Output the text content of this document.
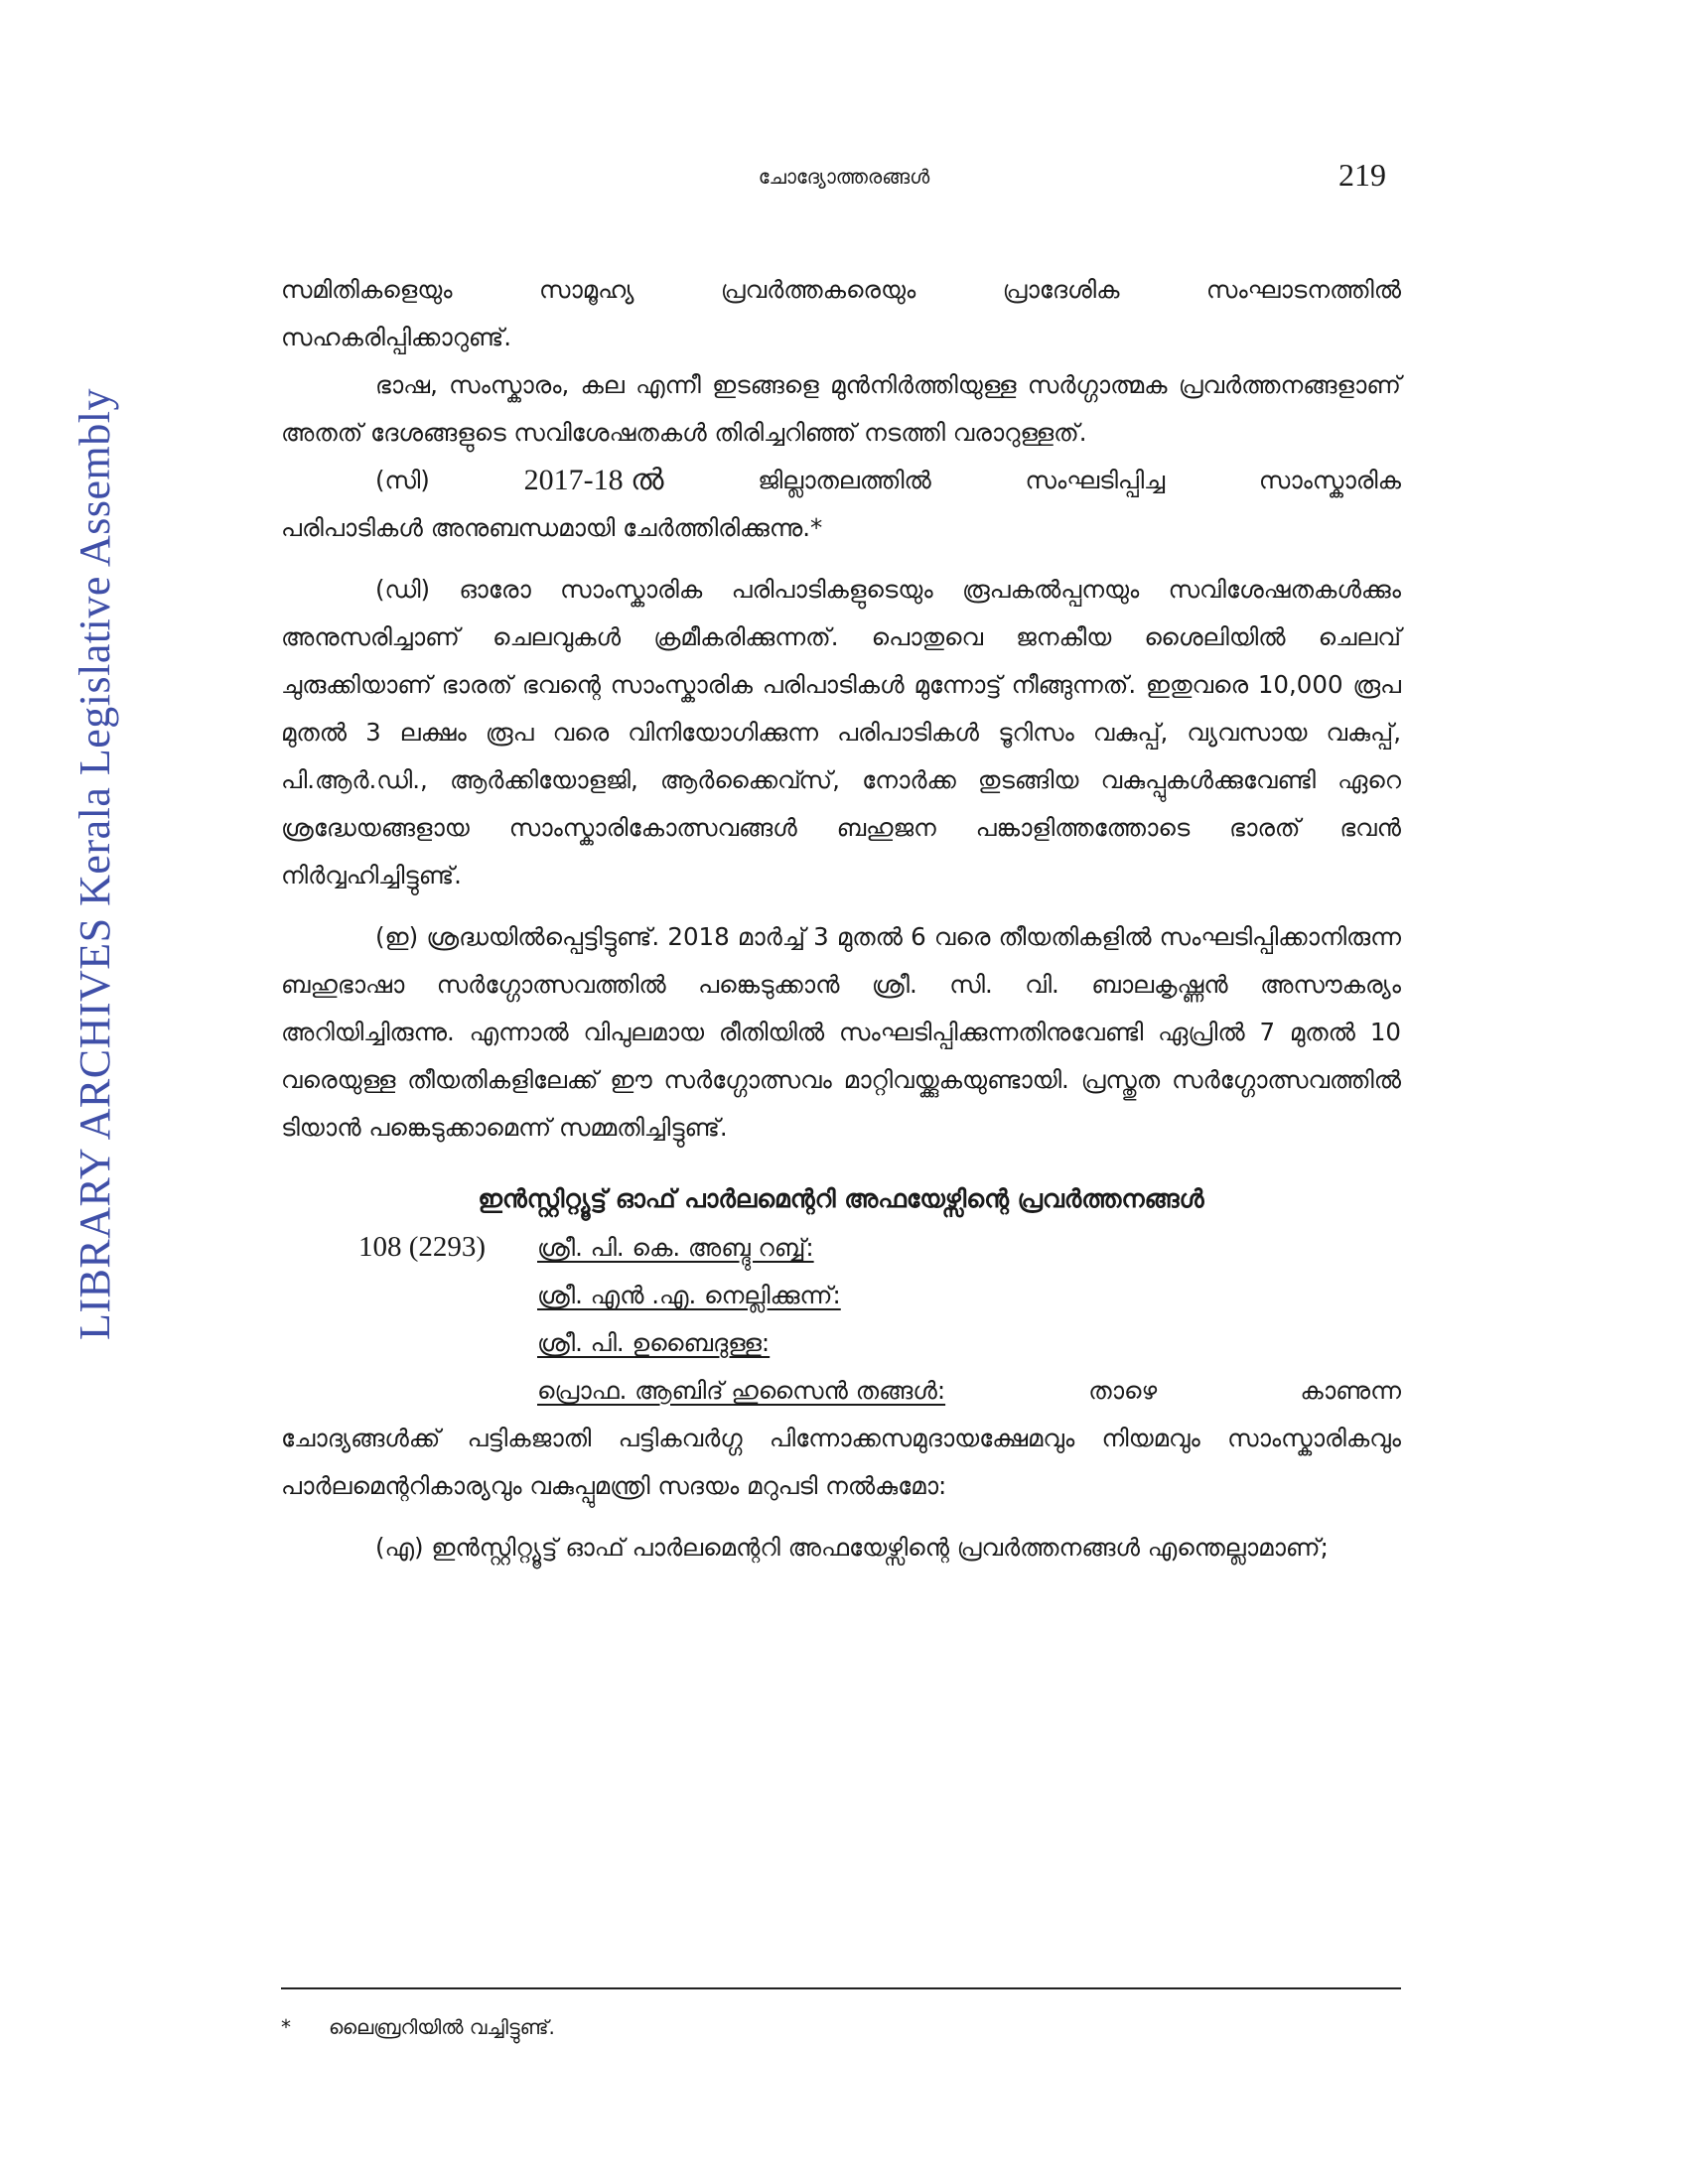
LIBRARY ARCHIVES Kerala Legislative Assembly
ചോദ്യോത്തരങ്ങൾ	219
സമിതികളെയും	സാമൂഹ്യ	പ്രവർത്തകരെയും	പ്രാദേശിക	സംഘാടനത്തിൽ

സഹകരിപ്പിക്കാറുണ്ട്.

ഭാഷ, സംസ്കാരം, കല എന്നീ ഇടങ്ങളെ മുൻനിർത്തിയുള്ള സർഗ്ഗാത്മക പ്രവർത്തനങ്ങളാണ് അതത് ദേശങ്ങളുടെ സവിശേഷതകൾ തിരിച്ചറിഞ്ഞ് നടത്തി വരാറുള്ളത്.

(സി)	2017-18 ൽ	ജില്ലാതലത്തിൽ	സംഘടിപ്പിച്ച	സാംസ്കാരിക

പരിപാടികൾ അനുബന്ധമായി ചേർത്തിരിക്കുന്നു.*

(ഡി) ഓരോ സാംസ്കാരിക പരിപാടികളുടെയും രൂപകൽപ്പനയും സവിശേഷതകൾക്കും അനുസരിച്ചാണ് ചെലവുകൾ ക്രമീകരിക്കുന്നത്. പൊതുവെ ജനകീയ ശൈലിയിൽ ചെലവ് ചുരുക്കിയാണ് ഭാരത് ഭവന്റെ സാംസ്കാരിക പരിപാടികൾ മുന്നോട്ട് നീങ്ങുന്നത്. ഇതുവരെ 10,000 രൂപ മുതൽ 3 ലക്ഷം രൂപ വരെ വിനിയോഗിക്കുന്ന പരിപാടികൾ ടൂറിസം വകുപ്പ്, വ്യവസായ വകുപ്പ്, പി.ആർ.ഡി., ആർക്കിയോളജി, ആർക്കൈവ്സ്, നോർക്ക തുടങ്ങിയ വകുപ്പുകൾക്കുവേണ്ടി ഏറെ ശ്രദ്ധേയങ്ങളായ സാംസ്കാരികോത്സവങ്ങൾ ബഹുജന പങ്കാളിത്തത്തോടെ ഭാരത് ഭവൻ നിർവ്വഹിച്ചിട്ടുണ്ട്.

(ഇ) ശ്രദ്ധയിൽപ്പെട്ടിട്ടുണ്ട്. 2018 മാർച്ച് 3 മുതൽ 6 വരെ തീയതികളിൽ സംഘടിപ്പിക്കാനിരുന്ന ബഹുഭാഷാ സർഗ്ഗോത്സവത്തിൽ പങ്കെടുക്കാൻ ശ്രീ. സി. വി. ബാലകൃഷ്ണൻ അസൗകര്യം അറിയിച്ചിരുന്നു. എന്നാൽ വിപുലമായ രീതിയിൽ സംഘടിപ്പിക്കുന്നതിനുവേണ്ടി ഏപ്രിൽ 7 മുതൽ 10 വരെയുള്ള തീയതികളിലേക്ക് ഈ സർഗ്ഗോത്സവം മാറ്റിവയ്ക്കുകയുണ്ടായി. പ്രസ്തുത സർഗ്ഗോത്സവത്തിൽ ടിയാൻ പങ്കെടുക്കാമെന്ന് സമ്മതിച്ചിട്ടുണ്ട്.

ഇൻസ്റ്റിറ്റ്യൂട്ട് ഓഫ് പാർലമെന്ററി അഫയേഴ്സിന്റെ പ്രവർത്തനങ്ങൾ
108 (2293)	ശ്രീ. പി. കെ. അബ്ദു റബ്ബ്:
ശ്രീ. എൻ .എ. നെല്ലിക്കുന്ന്:
ശ്രീ. പി. ഉബൈദുള്ള:
പ്രൊഫ. ആബിദ് ഹുസൈൻ തങ്ങൾ:	താഴെ	കാണുന്ന

ചോദ്യങ്ങൾക്ക് പട്ടികജാതി പട്ടികവർഗ്ഗ പിന്നോക്കസമുദായക്ഷേമവും നിയമവും സാംസ്കാരികവും പാർലമെന്ററികാര്യവും വകുപ്പുമന്ത്രി സദയം മറുപടി നൽകുമോ:

(എ) ഇൻസ്റ്റിറ്റ്യൂട്ട് ഓഫ് പാർലമെന്ററി അഫയേഴ്സിന്റെ പ്രവർത്തനങ്ങൾ എന്തെല്ലാമാണ്;

* ലൈബ്രറിയിൽ വച്ചിട്ടുണ്ട്.
